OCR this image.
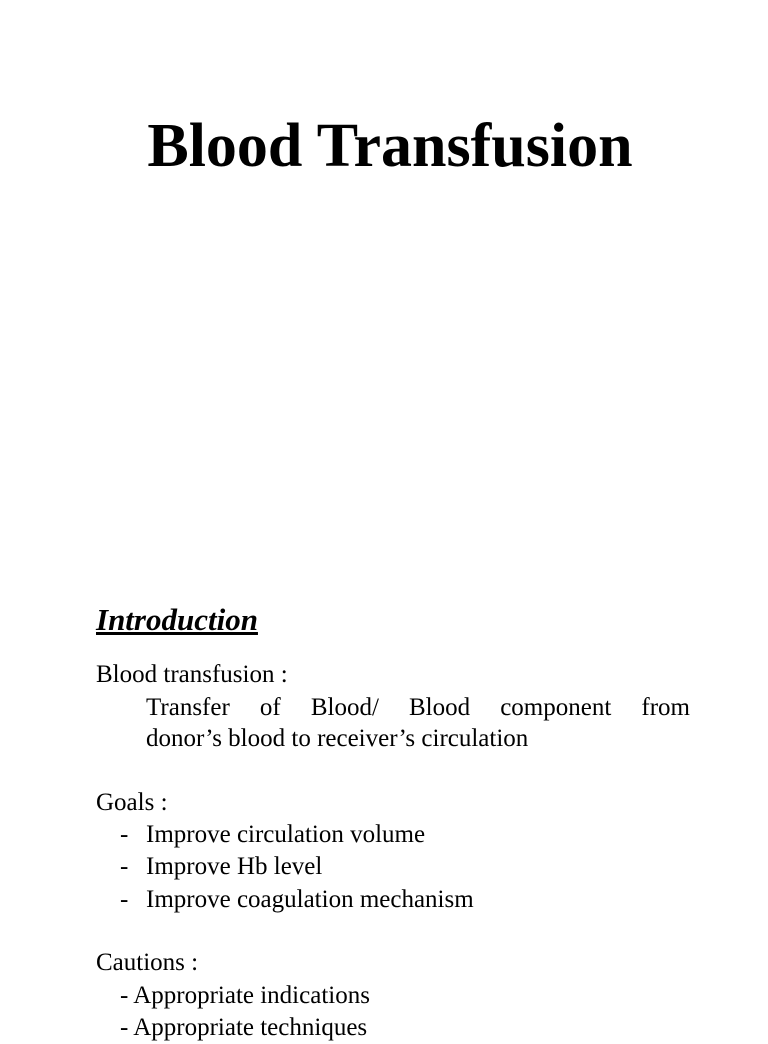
Blood Transfusion
Introduction

Blood transfusion :

Transfer of Blood/ Blood component from

donor’s blood to receiver’s circulation

Goals :

- Improve circulation volume
- Improve Hb level
- Improve coagulation mechanism

Cautions :

- Appropriate indications

- Appropriate techniques
